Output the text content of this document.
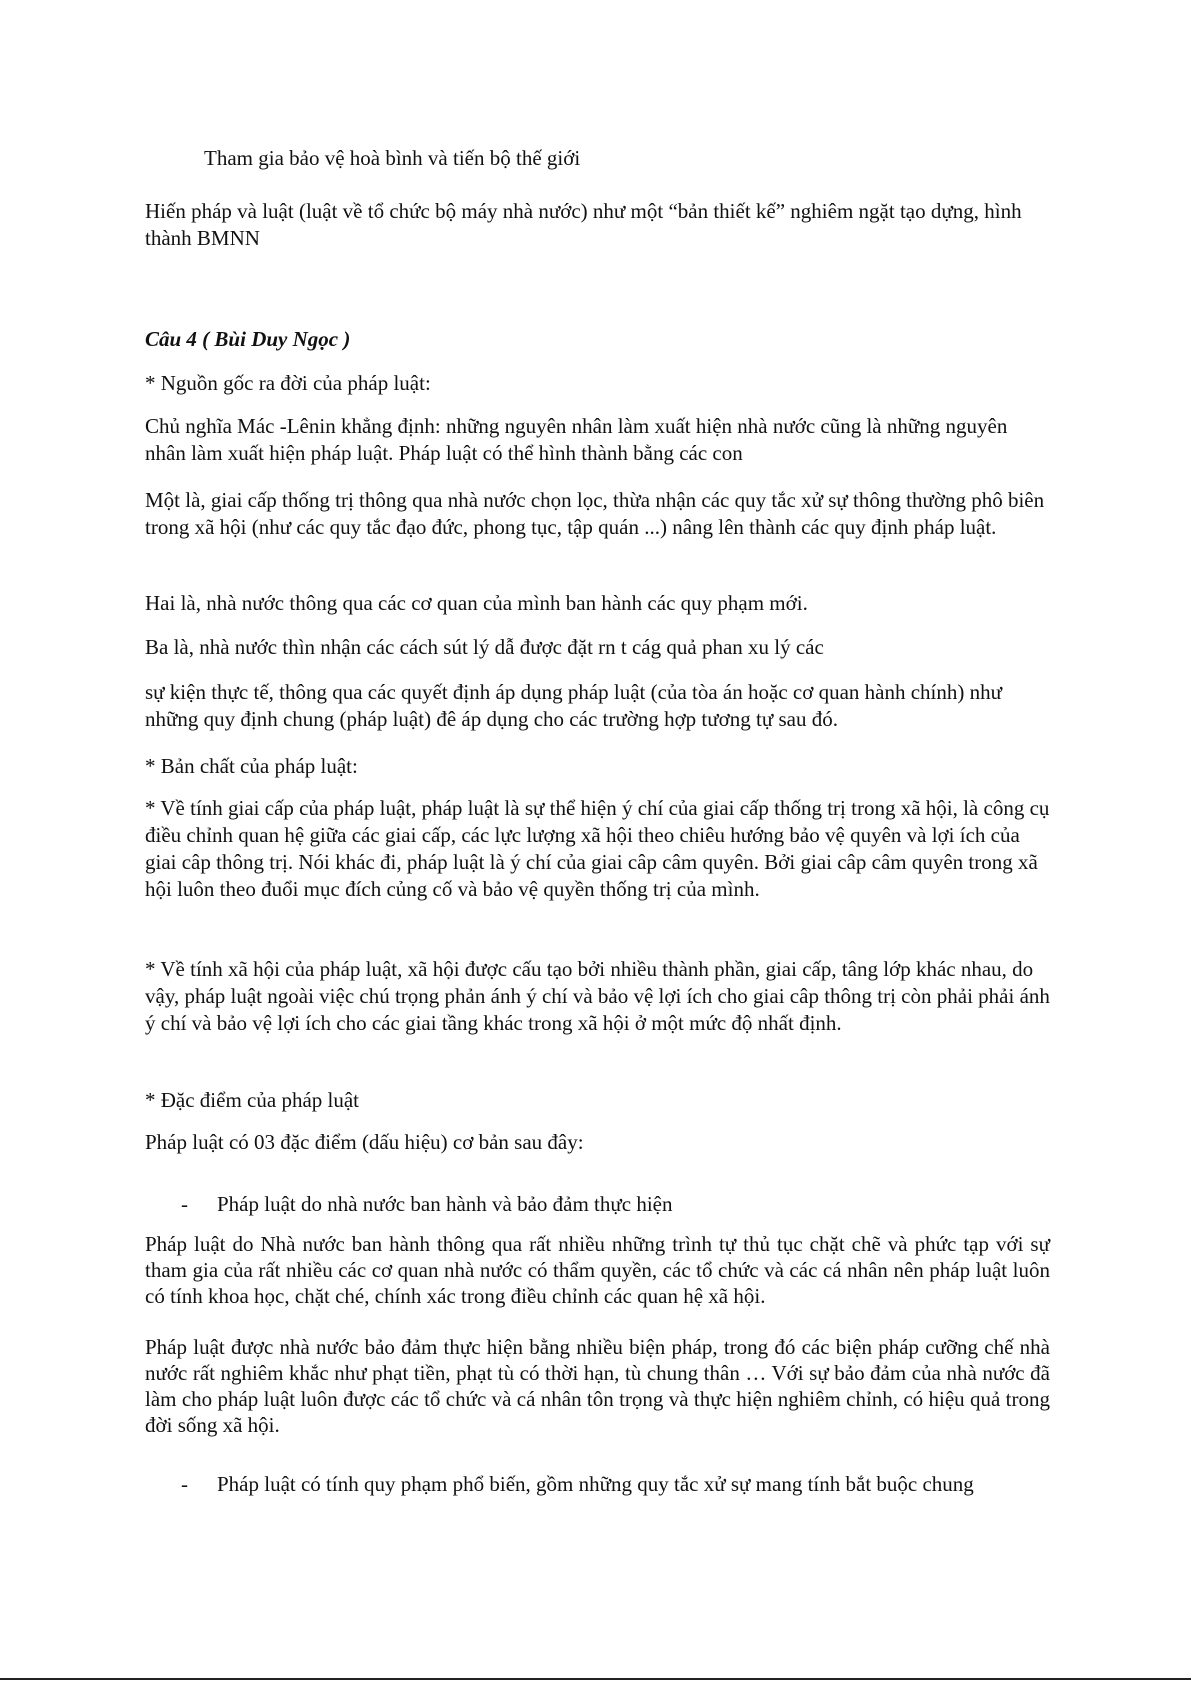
Tham gia bảo vệ hoà bình và tiến bộ thế giới

Hiến pháp và luật (luật về tổ chức bộ máy nhà nước) như một “bản thiết kế” nghiêm ngặt tạo dựng, hình thành BMNN

Câu 4 ( Bùi Duy Ngọc )

* Nguồn gốc ra đời của pháp luật:

Chủ nghĩa Mác -Lênin khẳng định: những nguyên nhân làm xuất hiện nhà nước cũng là những nguyên nhân làm xuất hiện pháp luật. Pháp luật có thể hình thành bằng các con

Một là, giai cấp thống trị thông qua nhà nước chọn lọc, thừa nhận các quy tắc xử sự thông thường phô biên trong xã hội (như các quy tắc đạo đức, phong tục, tập quán ...) nâng lên thành các quy định pháp luật.

Hai là, nhà nước thông qua các cơ quan của mình ban hành các quy phạm mới.

Ba là, nhà nước thìn nhận các cách sút lý dẫ được đặt rn t cág quả phan xu lý các

sự kiện thực tế, thông qua các quyết định áp dụng pháp luật (của tòa án hoặc cơ quan hành chính) như những quy định chung (pháp luật) đê áp dụng cho các trường hợp tương tự sau đó.

* Bản chất của pháp luật:

* Về tính giai cấp của pháp luật, pháp luật là sự thể hiện ý chí của giai cấp thống trị trong xã hội, là công cụ điều chỉnh quan hệ giữa các giai cấp, các lực lượng xã hội theo chiêu hướng bảo vệ quyên và lợi ích của giai câp thông trị. Nói khác đi, pháp luật là ý chí của giai câp câm quyên. Bởi giai câp câm quyên trong xã hội luôn theo đuổi mục đích củng cố và bảo vệ quyền thống trị của mình.

* Về tính xã hội của pháp luật, xã hội được cấu tạo bởi nhiều thành phần, giai cấp, tâng lớp khác nhau, do vậy, pháp luật ngoài việc chú trọng phản ánh ý chí và bảo vệ lợi ích cho giai câp thông trị còn phải phải ánh ý chí và bảo vệ lợi ích cho các giai tầng khác trong xã hội ở một mức độ nhất định.

* Đặc điểm của pháp luật

Pháp luật có 03 đặc điểm (dấu hiệu) cơ bản sau đây:

- Pháp luật do nhà nước ban hành và bảo đảm thực hiện

Pháp luật do Nhà nước ban hành thông qua rất nhiều những trình tự thủ tục chặt chẽ và phức tạp với sự tham gia của rất nhiều các cơ quan nhà nước có thẩm quyền, các tổ chức và các cá nhân nên pháp luật luôn có tính khoa học, chặt ché, chính xác trong điều chỉnh các quan hệ xã hội.

Pháp luật được nhà nước bảo đảm thực hiện bằng nhiều biện pháp, trong đó các biện pháp cưỡng chế nhà nước rất nghiêm khắc như phạt tiền, phạt tù có thời hạn, tù chung thân … Với sự bảo đảm của nhà nước đã làm cho pháp luật luôn được các tổ chức và cá nhân tôn trọng và thực hiện nghiêm chỉnh, có hiệu quả trong đời sống xã hội.

- Pháp luật có tính quy phạm phổ biến, gồm những quy tắc xử sự mang tính bắt buộc chung
